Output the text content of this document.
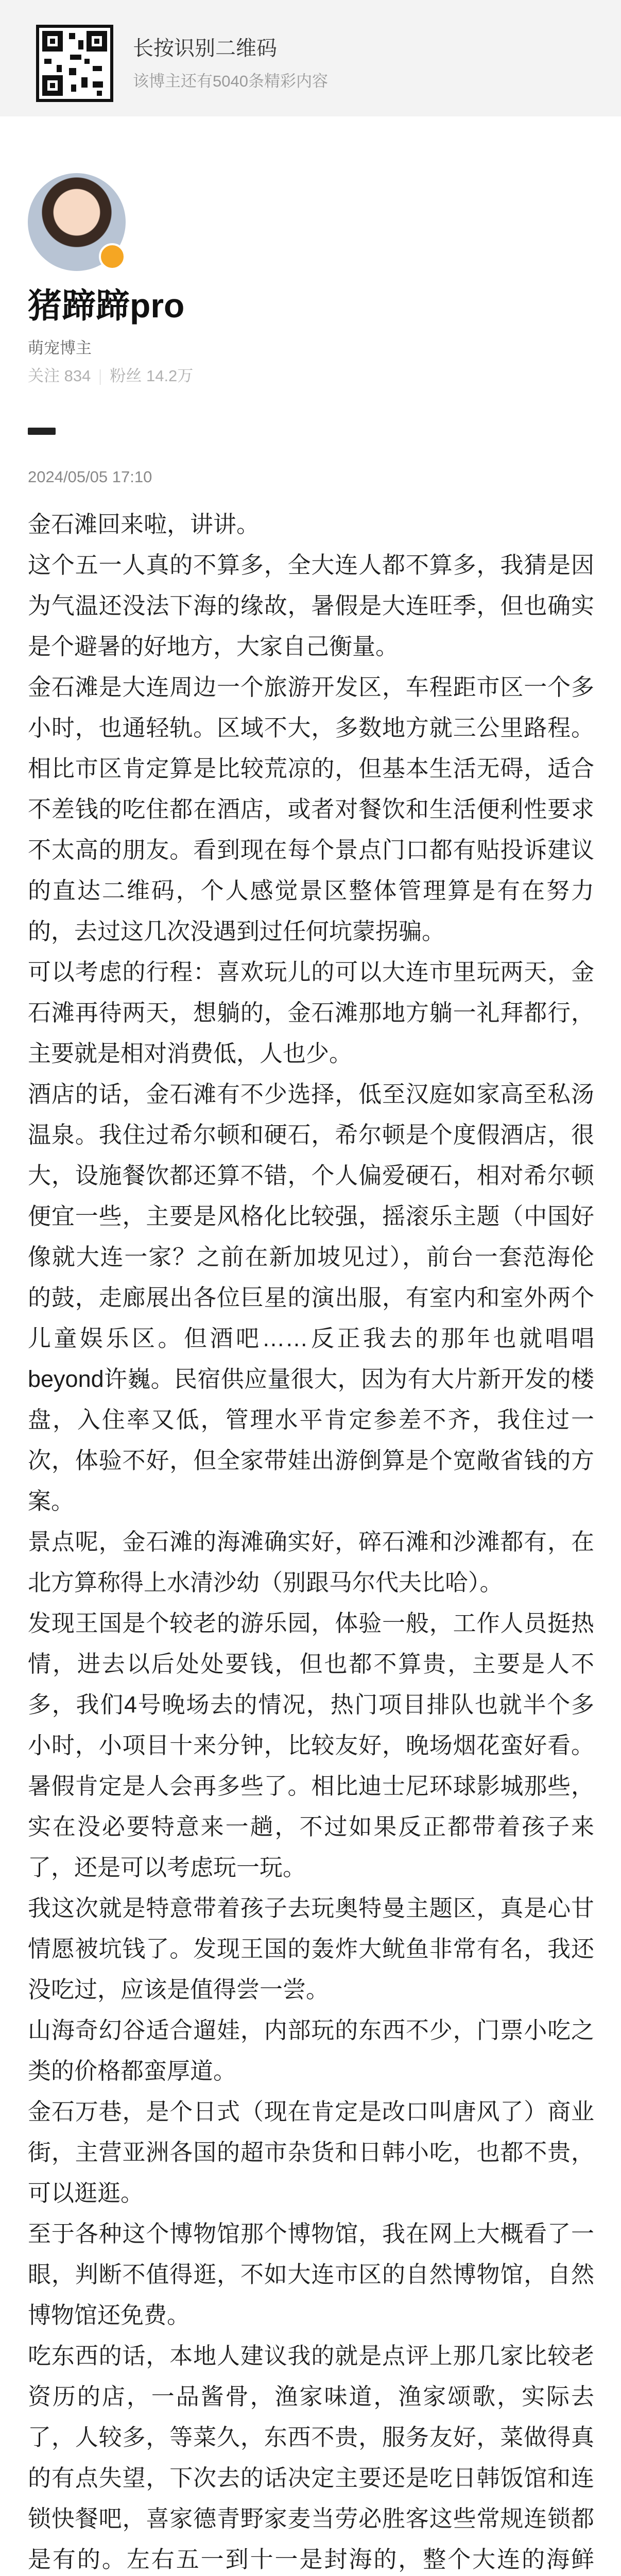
长按识别二维码
该博主还有5040条精彩内容
猪蹄蹄pro
萌宠博主
关注 834 粉丝 14.2万
2024/05/05 17:10

金石滩回来啦，讲讲。

这个五一人真的不算多，全大连人都不算多，我猜是因为气温还没法下海的缘故，暑假是大连旺季，但也确实是个避暑的好地方，大家自己衡量。

金石滩是大连周边一个旅游开发区，车程距市区一个多小时，也通轻轨。区域不大，多数地方就三公里路程。相比市区肯定算是比较荒凉的，但基本生活无碍，适合不差钱的吃住都在酒店，或者对餐饮和生活便利性要求不太高的朋友。看到现在每个景点门口都有贴投诉建议的直达二维码，个人感觉景区整体管理算是有在努力的，去过这几次没遇到过任何坑蒙拐骗。

可以考虑的行程：喜欢玩儿的可以大连市里玩两天，金石滩再待两天，想躺的，金石滩那地方躺一礼拜都行，主要就是相对消费低，人也少。

酒店的话，金石滩有不少选择，低至汉庭如家高至私汤温泉。我住过希尔顿和硬石，希尔顿是个度假酒店，很大，设施餐饮都还算不错，个人偏爱硬石，相对希尔顿便宜一些，主要是风格化比较强，摇滚乐主题（中国好像就大连一家？之前在新加坡见过），前台一套范海伦的鼓，走廊展出各位巨星的演出服，有室内和室外两个儿童娱乐区。但酒吧……反正我去的那年也就唱唱beyond许巍。民宿供应量很大，因为有大片新开发的楼盘，入住率又低，管理水平肯定参差不齐，我住过一次，体验不好，但全家带娃出游倒算是个宽敞省钱的方案。

景点呢，金石滩的海滩确实好，碎石滩和沙滩都有，在北方算称得上水清沙幼（别跟马尔代夫比哈）。

发现王国是个较老的游乐园，体验一般，工作人员挺热情，进去以后处处要钱，但也都不算贵，主要是人不多，我们4号晚场去的情况，热门项目排队也就半个多小时，小项目十来分钟，比较友好，晚场烟花蛮好看。暑假肯定是人会再多些了。相比迪士尼环球影城那些，实在没必要特意来一趟，不过如果反正都带着孩子来了，还是可以考虑玩一玩。

我这次就是特意带着孩子去玩奥特曼主题区，真是心甘情愿被坑钱了。发现王国的轰炸大鱿鱼非常有名，我还没吃过，应该是值得尝一尝。

山海奇幻谷适合遛娃，内部玩的东西不少，门票小吃之类的价格都蛮厚道。

金石万巷，是个日式（现在肯定是改口叫唐风了）商业街，主营亚洲各国的超市杂货和日韩小吃，也都不贵，可以逛逛。

至于各种这个博物馆那个博物馆，我在网上大概看了一眼，判断不值得逛，不如大连市区的自然博物馆，自然博物馆还免费。

吃东西的话，本地人建议我的就是点评上那几家比较老资历的店，一品酱骨，渔家味道，渔家颂歌，实际去了，人较多，等菜久，东西不贵，服务友好，菜做得真的有点失望，下次去的话决定主要还是吃日韩饭馆和连锁快餐吧，喜家德青野家麦当劳必胜客这些常规连锁都是有的。左右五一到十一是封海的，整个大连的海鲜
